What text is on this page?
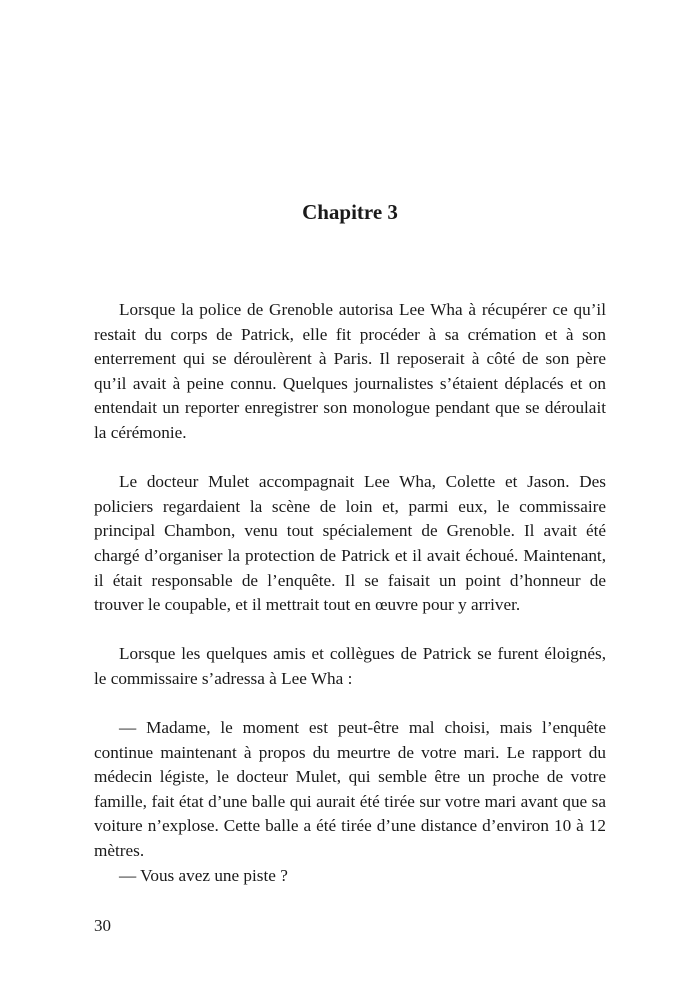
Chapitre 3

Lorsque la police de Grenoble autorisa Lee Wha à récupérer ce qu’il restait du corps de Patrick, elle fit procéder à sa crémation et à son enterrement qui se déroulèrent à Paris. Il reposerait à côté de son père qu’il avait à peine connu. Quelques journalistes s’étaient déplacés et on entendait un reporter enregistrer son monologue pendant que se déroulait la cérémonie.

Le docteur Mulet accompagnait Lee Wha, Colette et Jason. Des policiers regardaient la scène de loin et, parmi eux, le commissaire principal Chambon, venu tout spécialement de Grenoble. Il avait été chargé d’organiser la protection de Patrick et il avait échoué. Maintenant, il était responsable de l’enquête. Il se faisait un point d’honneur de trouver le coupable, et il mettrait tout en œuvre pour y arriver.

Lorsque les quelques amis et collègues de Patrick se furent éloignés, le commissaire s’adressa à Lee Wha :

— Madame, le moment est peut-être mal choisi, mais l’enquête continue maintenant à propos du meurtre de votre mari. Le rapport du médecin légiste, le docteur Mulet, qui semble être un proche de votre famille, fait état d’une balle qui aurait été tirée sur votre mari avant que sa voiture n’explose. Cette balle a été tirée d’une distance d’environ 10 à 12 mètres.

— Vous avez une piste ?

30
